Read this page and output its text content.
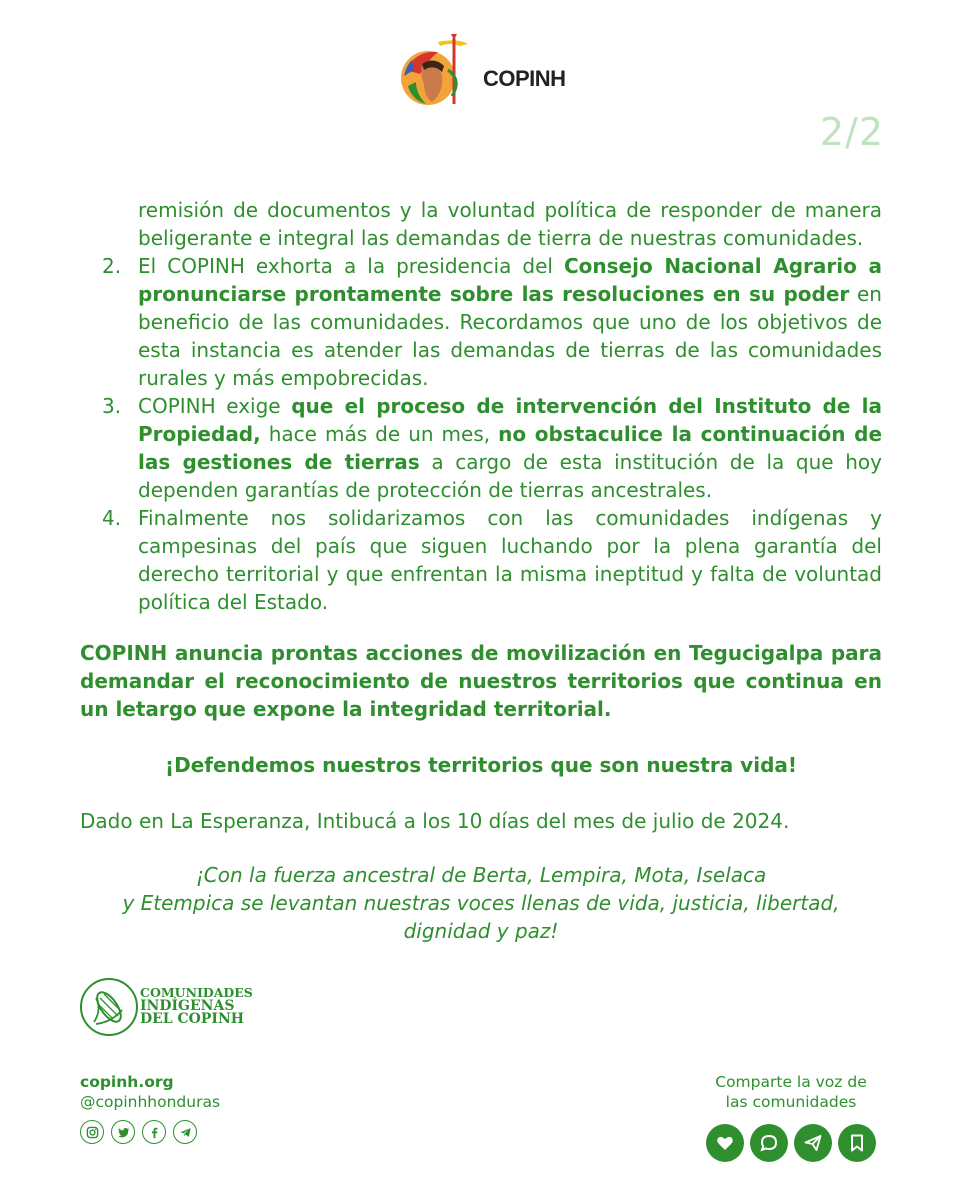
COPINH
2/2
remisión de documentos y la voluntad política de responder de manera beligerante e integral las demandas de tierra de nuestras comunidades.
2. El COPINH exhorta a la presidencia del Consejo Nacional Agrario a pronunciarse prontamente sobre las resoluciones en su poder en beneficio de las comunidades. Recordamos que uno de los objetivos de esta instancia es atender las demandas de tierras de las comunidades rurales y más empobrecidas.
3. COPINH exige que el proceso de intervención del Instituto de la Propiedad, hace más de un mes, no obstaculice la continuación de las gestiones de tierras a cargo de esta institución de la que hoy dependen garantías de protección de tierras ancestrales.
4. Finalmente nos solidarizamos con las comunidades indígenas y campesinas del país que siguen luchando por la plena garantía del derecho territorial y que enfrentan la misma ineptitud y falta de voluntad política del Estado.
COPINH anuncia prontas acciones de movilización en Tegucigalpa para demandar el reconocimiento de nuestros territorios que continua en un letargo que expone la integridad territorial.
¡Defendemos nuestros territorios que son nuestra vida!
Dado en La Esperanza, Intibucá a los 10 días del mes de julio de 2024.
¡Con la fuerza ancestral de Berta, Lempira, Mota, Iselaca
y Etempica se levantan nuestras voces llenas de vida, justicia, libertad,
dignidad y paz!
COMUNIDADES
INDÍGENAS
DEL COPINH
copinh.org
@copinhhonduras
Comparte la voz de
las comunidades
